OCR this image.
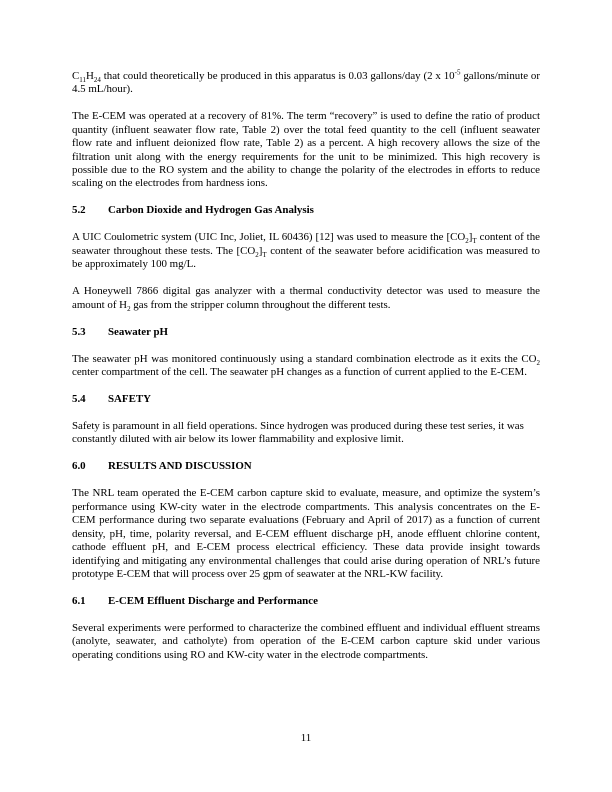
$C_{11}H_{24}$ that could theoretically be produced in this apparatus is 0.03 gallons/day (2 x $10^{-5}$ gallons/minute or 4.5 mL/hour).

The E-CEM was operated at a recovery of 81%. The term “recovery” is used to define the ratio of product quantity (influent seawater flow rate, Table 2) over the total feed quantity to the cell (influent seawater flow rate and influent deionized flow rate, Table 2) as a percent. A high recovery allows the size of the filtration unit along with the energy requirements for the unit to be minimized. This high recovery is possible due to the RO system and the ability to change the polarity of the electrodes in efforts to reduce scaling on the electrodes from hardness ions.

5.2	Carbon Dioxide and Hydrogen Gas Analysis

A UIC Coulometric system (UIC Inc, Joliet, IL 60436) [12] was used to measure the $[CO_2]_T$ content of the seawater throughout these tests. The $[CO_2]_T$ content of the seawater before acidification was measured to be approximately 100 mg/L.

A Honeywell 7866 digital gas analyzer with a thermal conductivity detector was used to measure the amount of $H_2$ gas from the stripper column throughout the different tests.

5.3	Seawater pH

The seawater pH was monitored continuously using a standard combination electrode as it exits the $CO_2$ center compartment of the cell. The seawater pH changes as a function of current applied to the E-CEM.

5.4	SAFETY

Safety is paramount in all field operations. Since hydrogen was produced during these test series, it was constantly diluted with air below its lower flammability and explosive limit.

6.0	RESULTS AND DISCUSSION

The NRL team operated the E-CEM carbon capture skid to evaluate, measure, and optimize the system’s performance using KW-city water in the electrode compartments. This analysis concentrates on the E-CEM performance during two separate evaluations (February and April of 2017) as a function of current density, pH, time, polarity reversal, and E-CEM effluent discharge pH, anode effluent chlorine content, cathode effluent pH, and E-CEM process electrical efficiency. These data provide insight towards identifying and mitigating any environmental challenges that could arise during operation of NRL’s future prototype E-CEM that will process over 25 gpm of seawater at the NRL-KW facility.

6.1	E-CEM Effluent Discharge and Performance

Several experiments were performed to characterize the combined effluent and individual effluent streams (anolyte, seawater, and catholyte) from operation of the E-CEM carbon capture skid under various operating conditions using RO and KW-city water in the electrode compartments.

11
